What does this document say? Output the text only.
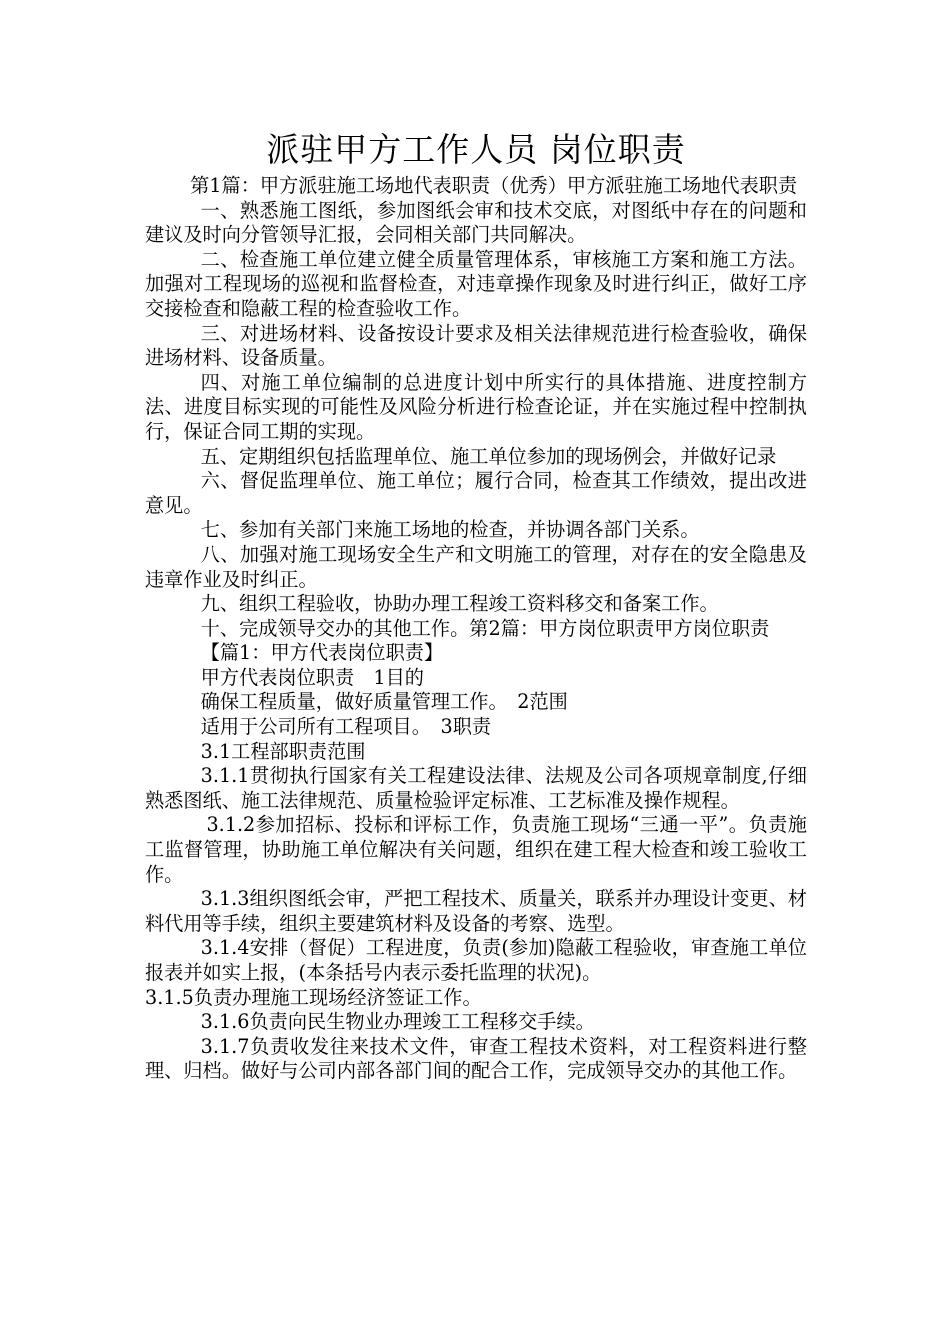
派驻甲方工作人员 岗位职责

第1篇：甲方派驻施工场地代表职责（优秀）甲方派驻施工场地代表职责

一、熟悉施工图纸，参加图纸会审和技术交底，对图纸中存在的问题和建议及时向分管领导汇报，会同相关部门共同解决。

二、检查施工单位建立健全质量管理体系，审核施工方案和施工方法。加强对工程现场的巡视和监督检查，对违章操作现象及时进行纠正，做好工序交接检查和隐蔽工程的检查验收工作。

三、对进场材料、设备按设计要求及相关法律规范进行检查验收，确保进场材料、设备质量。

四、对施工单位编制的总进度计划中所实行的具体措施、进度控制方法、进度目标实现的可能性及风险分析进行检查论证，并在实施过程中控制执行，保证合同工期的实现。

五、定期组织包括监理单位、施工单位参加的现场例会，并做好记录

六、督促监理单位、施工单位；履行合同，检查其工作绩效，提出改进意见。

七、参加有关部门来施工场地的检查，并协调各部门关系。

八、加强对施工现场安全生产和文明施工的管理，对存在的安全隐患及违章作业及时纠正。

九、组织工程验收，协助办理工程竣工资料移交和备案工作。

十、完成领导交办的其他工作。第2篇：甲方岗位职责甲方岗位职责

【篇1：甲方代表岗位职责】

甲方代表岗位职责　1目的

确保工程质量，做好质量管理工作。　2范围

适用于公司所有工程项目。　3职责

3.1工程部职责范围

3.1.1贯彻执行国家有关工程建设法律、法规及公司各项规章制度,仔细熟悉图纸、施工法律规范、质量检验评定标准、工艺标准及操作规程。

3.1.2参加招标、投标和评标工作，负责施工现场“三通一平”。负责施工监督管理，协助施工单位解决有关问题，组织在建工程大检查和竣工验收工作。

3.1.3组织图纸会审，严把工程技术、质量关，联系并办理设计变更、材料代用等手续，组织主要建筑材料及设备的考察、选型。

3.1.4安排（督促）工程进度，负责(参加)隐蔽工程验收，审查施工单位报表并如实上报，(本条括号内表示委托监理的状况)。

3.1.5负责办理施工现场经济签证工作。

3.1.6负责向民生物业办理竣工工程移交手续。

3.1.7负责收发往来技术文件，审查工程技术资料，对工程资料进行整理、归档。做好与公司内部各部门间的配合工作，完成领导交办的其他工作。
